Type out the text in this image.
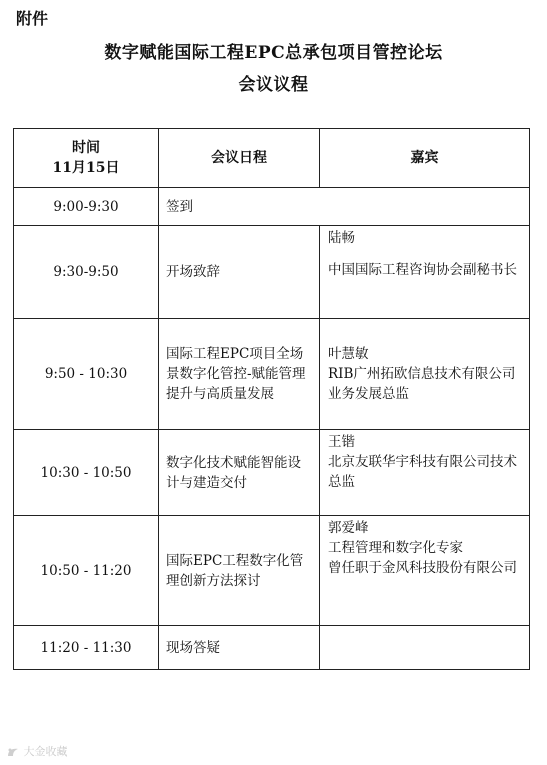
附件
数字赋能国际工程EPC总承包项目管控论坛
会议议程
时间
11月15日	会议日程	嘉宾
9:00-9:30	签到	
9:30-9:50	开场致辞	陆畅
中国国际工程咨询协会副秘书长

9:50 - 10:30	国际工程EPC项目全场景数字化管控-赋能管理提升与高质量发展	叶慧敏
RIB广州拓欧信息技术有限公司业务发展总监

10:30 - 10:50	数字化技术赋能智能设计与建造交付	王锴
北京友联华宇科技有限公司技术总监

10:50 - 11:20	国际EPC工程数字化管理创新方法探讨	郭爱峰
工程管理和数字化专家
曾任职于金风科技股份有限公司

11:20 - 11:30	现场答疑	
大金收藏
